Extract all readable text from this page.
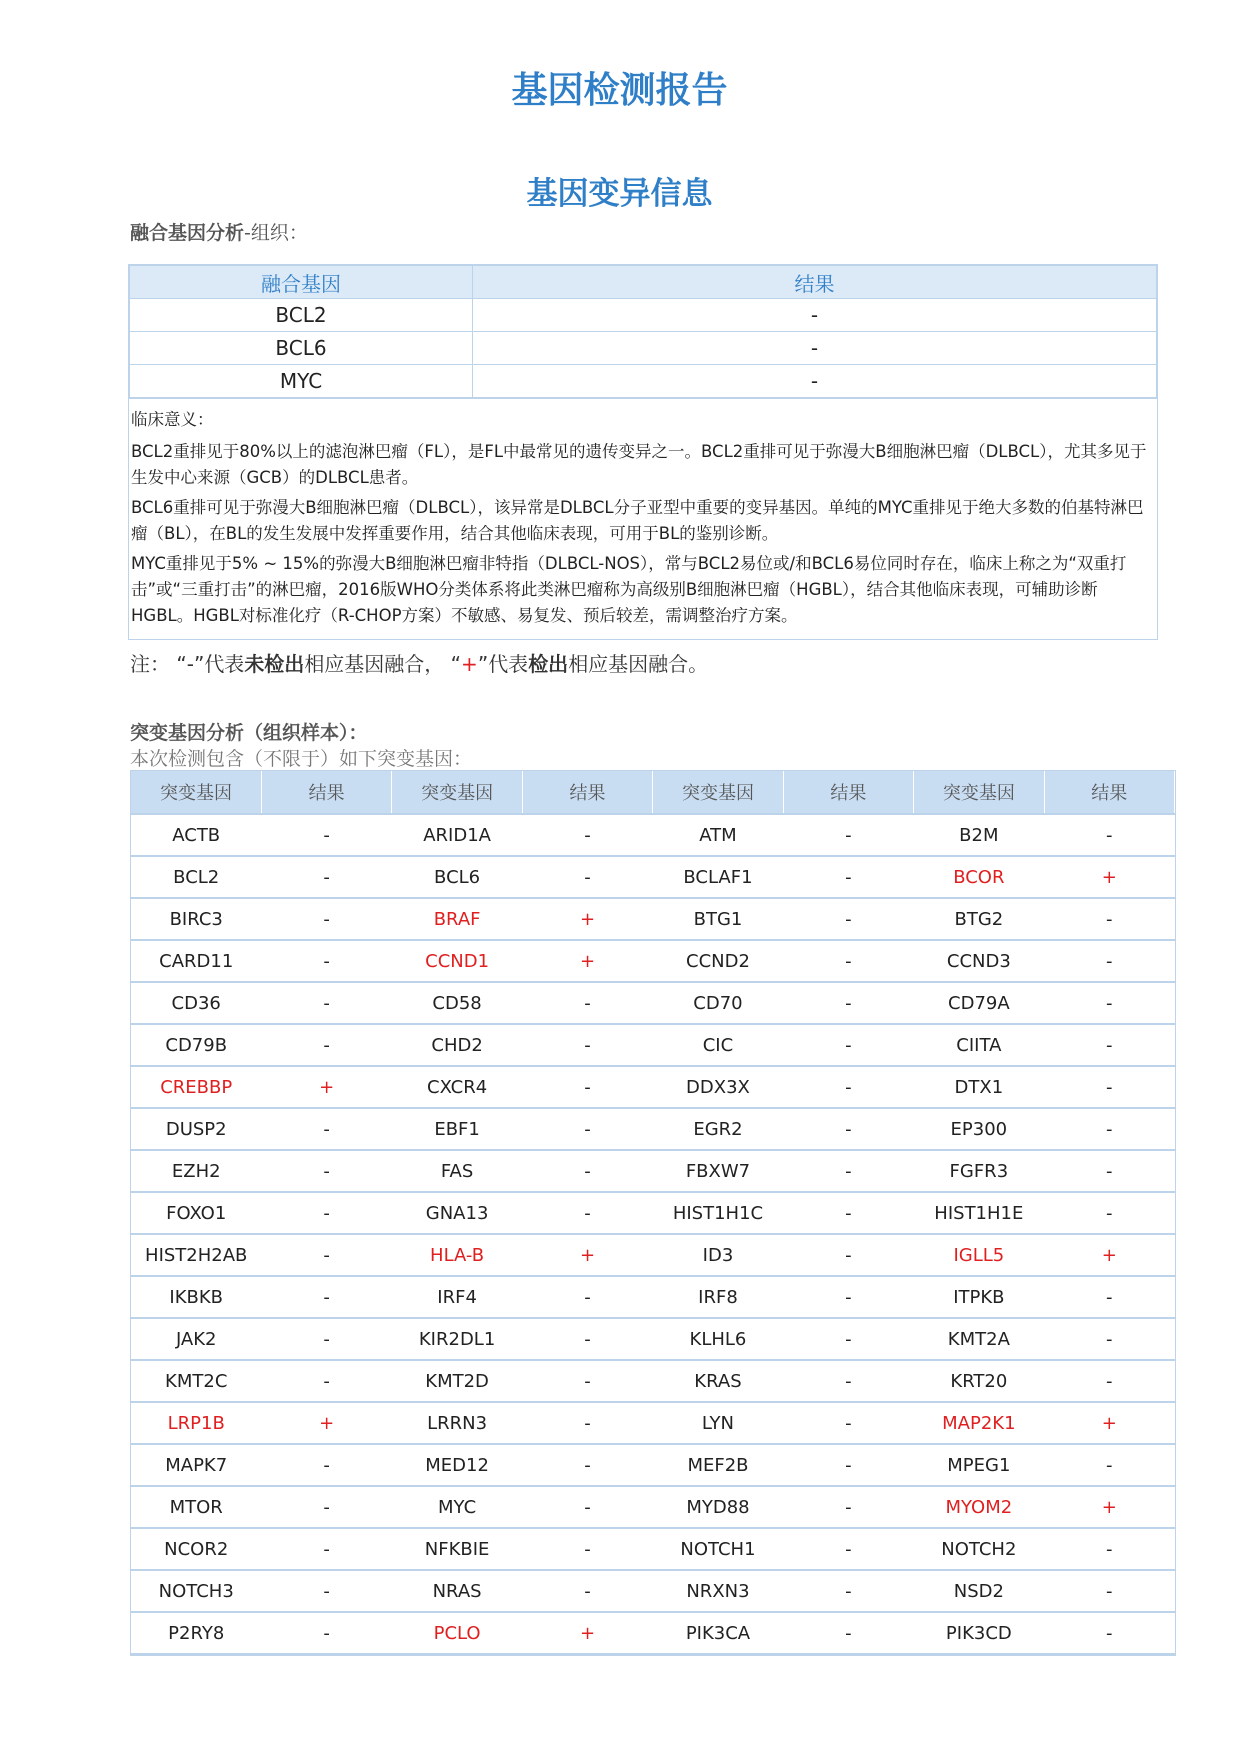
基因检测报告
基因变异信息
融合基因分析-组织：
融合基因	结果
BCL2	-
BCL6	-
MYC	-

临床意义：

BCL2重排见于80%以上的滤泡淋巴瘤（FL），是FL中最常见的遗传变异之一。BCL2重排可见于弥漫大B细胞淋巴瘤（DLBCL），尤其多见于生发中心来源（GCB）的DLBCL患者。

BCL6重排可见于弥漫大B细胞淋巴瘤（DLBCL），该异常是DLBCL分子亚型中重要的变异基因。单纯的MYC重排见于绝大多数的伯基特淋巴瘤（BL），在BL的发生发展中发挥重要作用，结合其他临床表现，可用于BL的鉴别诊断。

MYC重排见于5% ~ 15%的弥漫大B细胞淋巴瘤非特指（DLBCL-NOS），常与BCL2易位或/和BCL6易位同时存在，临床上称之为“双重打击”或“三重打击”的淋巴瘤，2016版WHO分类体系将此类淋巴瘤称为高级别B细胞淋巴瘤（HGBL），结合其他临床表现，可辅助诊断HGBL。HGBL对标准化疗（R-CHOP方案）不敏感、易复发、预后较差，需调整治疗方案。

注： “-”代表未检出相应基因融合， “+”代表检出相应基因融合。
突变基因分析（组织样本）：
本次检测包含（不限于）如下突变基因：
突变基因	结果	突变基因	结果	突变基因	结果	突变基因	结果
ACTB	-	ARID1A	-	ATM	-	B2M	-
BCL2	-	BCL6	-	BCLAF1	-	BCOR	+
BIRC3	-	BRAF	+	BTG1	-	BTG2	-
CARD11	-	CCND1	+	CCND2	-	CCND3	-
CD36	-	CD58	-	CD70	-	CD79A	-
CD79B	-	CHD2	-	CIC	-	CIITA	-
CREBBP	+	CXCR4	-	DDX3X	-	DTX1	-
DUSP2	-	EBF1	-	EGR2	-	EP300	-
EZH2	-	FAS	-	FBXW7	-	FGFR3	-
FOXO1	-	GNA13	-	HIST1H1C	-	HIST1H1E	-
HIST2H2AB	-	HLA-B	+	ID3	-	IGLL5	+
IKBKB	-	IRF4	-	IRF8	-	ITPKB	-
JAK2	-	KIR2DL1	-	KLHL6	-	KMT2A	-
KMT2C	-	KMT2D	-	KRAS	-	KRT20	-
LRP1B	+	LRRN3	-	LYN	-	MAP2K1	+
MAPK7	-	MED12	-	MEF2B	-	MPEG1	-
MTOR	-	MYC	-	MYD88	-	MYOM2	+
NCOR2	-	NFKBIE	-	NOTCH1	-	NOTCH2	-
NOTCH3	-	NRAS	-	NRXN3	-	NSD2	-
P2RY8	-	PCLO	+	PIK3CA	-	PIK3CD	-
